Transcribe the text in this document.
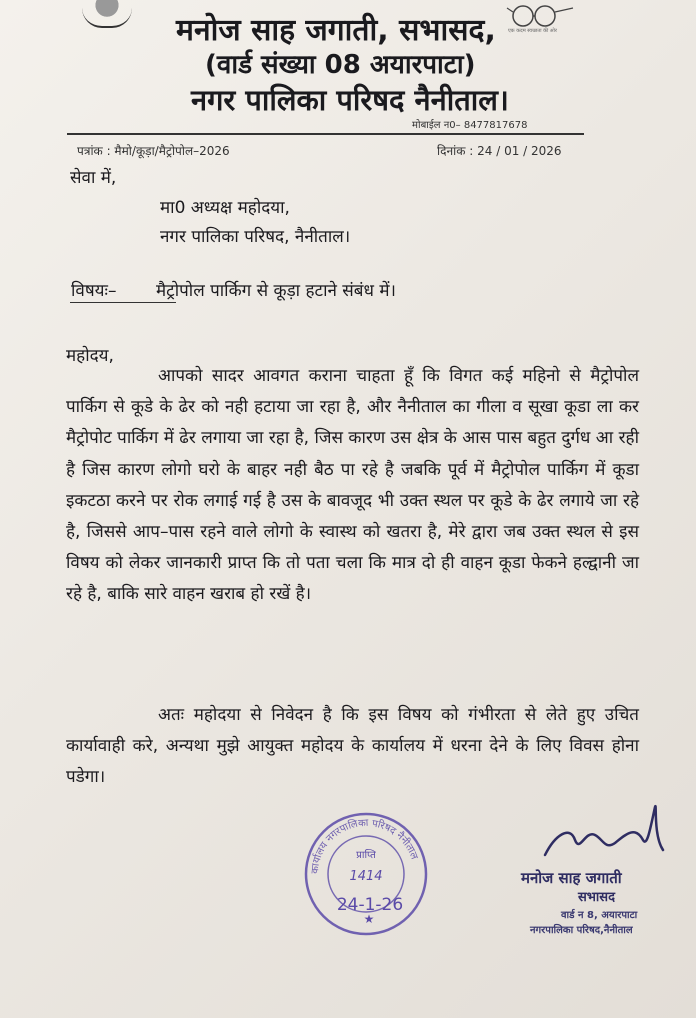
मनोज साह जगाती, सभासद,
(वार्ड संख्या 08 अयारपाटा)
नगर पालिका परिषद नैनीताल।
एक कदम स्वच्छता की ओर
मोबाईल न0– 8477817678
पत्रांक : मैमो/कूड़ा/मैट्रोपोल–2026	दिनांक : 24 / 01 / 2026
सेवा में,
मा0 अध्यक्ष महोदया,
नगर पालिका परिषद, नैनीताल।
विषयः– मैट्रोपोल पार्किग से कूड़ा हटाने संबंध में।
महोदय,
आपको सादर आवगत कराना चाहता हूँ कि विगत कई महिनो से मैट्रोपोल पार्किग से कूडे के ढेर को नही हटाया जा रहा है, और नैनीताल का गीला व सूखा कूडा ला कर मैट्रोपोट पार्किग में ढेर लगाया जा रहा है, जिस कारण उस क्षेत्र के आस पास बहुत दुर्गध आ रही है जिस कारण लोगो घरो के बाहर नही बैठ पा रहे है जबकि पूर्व में मैट्रोपोल पार्किग में कूडा इकटठा करने पर रोक लगाई गई है उस के बावजूद भी उक्त स्थल पर कूडे के ढेर लगाये जा रहे है, जिससे आप–पास रहने वाले लोगो के स्वास्थ को खतरा है, मेरे द्वारा जब उक्त स्थल से इस विषय को लेकर जानकारी प्राप्त कि तो पता चला कि मात्र दो ही वाहन कूडा फेकने हल्द्वानी जा रहे है, बाकि सारे वाहन खराब हो रखें है।
अतः महोदया से निवेदन है कि इस विषय को गंभीरता से लेते हुए उचित कार्यावाही करे, अन्यथा मुझे आयुक्त महोदय के कार्यालय में धरना देने के लिए विवस होना पडेगा।
कार्यालय नगरपालिका परिषद नैनीताल
प्राप्ति
1414
24-1-26
★
मनोज साह जगाती
सभासद
वार्ड न 8, अयारपाटा
नगरपालिका परिषद,नैनीताल
